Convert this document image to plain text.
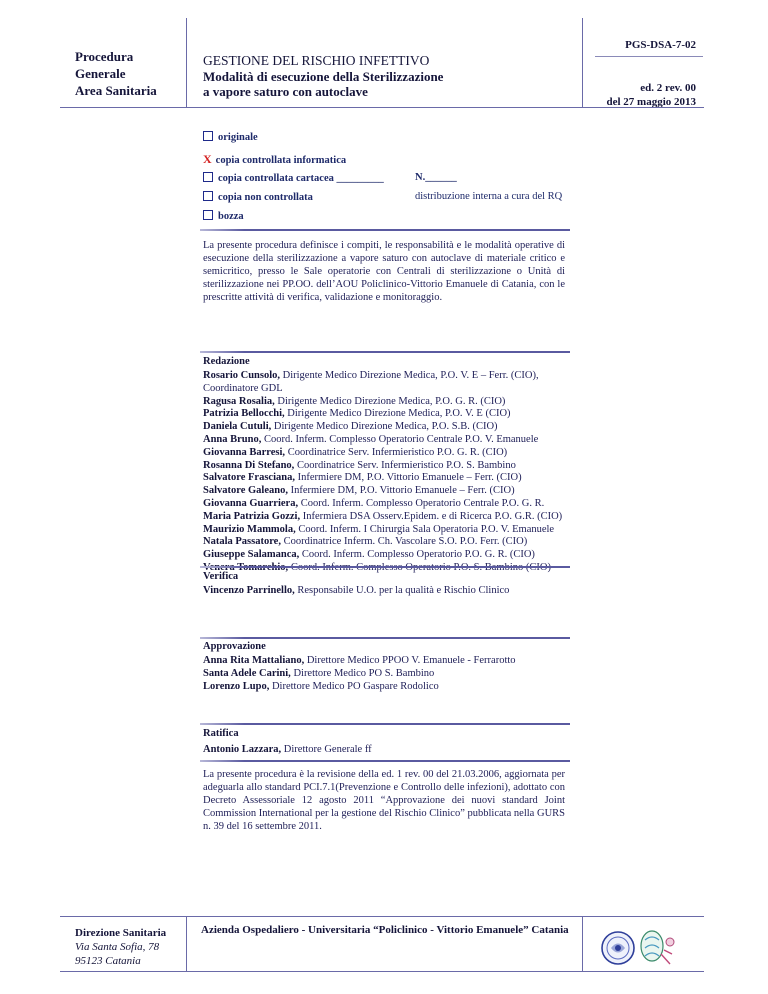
Procedura
Generale
Area Sanitaria
GESTIONE DEL RISCHIO INFETTIVO
Modalità di esecuzione della Sterilizzazione
a vapore saturo con autoclave
PGS-DSA-7-02
ed. 2 rev. 00
del 27 maggio 2013
originale
X copia controllata informatica
copia controllata cartacea _________	N.______
copia non controllata	distribuzione interna a cura del RQ
bozza
La presente procedura definisce i compiti, le responsabilità e le modalità operative di esecuzione della sterilizzazione a vapore saturo con autoclave di materiale critico e semicritico, presso le Sale operatorie con Centrali di sterilizzazione o Unità di sterilizzazione nei PP.OO. dell’AOU Policlinico-Vittorio Emanuele di Catania, con le prescritte attività di verifica, validazione e monitoraggio.
Redazione
Rosario Cunsolo, Dirigente Medico Direzione Medica, P.O. V. E – Ferr. (CIO), Coordinatore GDL
Ragusa Rosalia, Dirigente Medico Direzione Medica, P.O. G. R. (CIO)
Patrizia Bellocchi, Dirigente Medico Direzione Medica, P.O. V. E (CIO)
Daniela Cutuli, Dirigente Medico Direzione Medica, P.O. S.B. (CIO)
Anna Bruno, Coord. Inferm. Complesso Operatorio Centrale P.O. V. Emanuele
Giovanna Barresi, Coordinatrice Serv. Infermieristico P.O. G. R. (CIO)
Rosanna Di Stefano, Coordinatrice Serv. Infermieristico P.O. S. Bambino
Salvatore Frasciana, Infermiere DM, P.O. Vittorio Emanuele – Ferr. (CIO)
Salvatore Galeano, Infermiere DM, P.O. Vittorio Emanuele – Ferr. (CIO)
Giovanna Guarriera, Coord. Inferm. Complesso Operatorio Centrale P.O. G. R.
Maria Patrizia Gozzi, Infermiera DSA Osserv.Epidem. e di Ricerca P.O. G.R. (CIO)
Maurizio Mammola, Coord. Inferm. I Chirurgia Sala Operatoria P.O. V. Emanuele
Natala Passatore, Coordinatrice Inferm. Ch. Vascolare S.O. P.O. Ferr. (CIO)
Giuseppe Salamanca, Coord. Inferm. Complesso Operatorio P.O. G. R. (CIO)
Verifica
Vincenzo Parrinello, Responsabile U.O. per la qualità e Rischio Clinico
Approvazione
Anna Rita Mattaliano, Direttore Medico PPOO V. Emanuele - Ferrarotto
Santa Adele Carini, Direttore Medico PO S. Bambino
Lorenzo Lupo, Direttore Medico PO Gaspare Rodolico
Ratifica
Antonio Lazzara, Direttore Generale ff
La presente procedura è la revisione della ed. 1 rev. 00 del 21.03.2006, aggiornata per adeguarla allo standard PCI.7.1(Prevenzione e Controllo delle infezioni), adottato con Decreto Assessoriale 12 agosto 2011 “Approvazione dei nuovi standard Joint Commission International per la gestione del Rischio Clinico” pubblicata nella GURS n. 39 del 16 settembre 2011.
Direzione Sanitaria
Via Santa Sofia, 78
95123 Catania
Azienda Ospedaliero - Universitaria “Policlinico - Vittorio Emanuele” Catania
